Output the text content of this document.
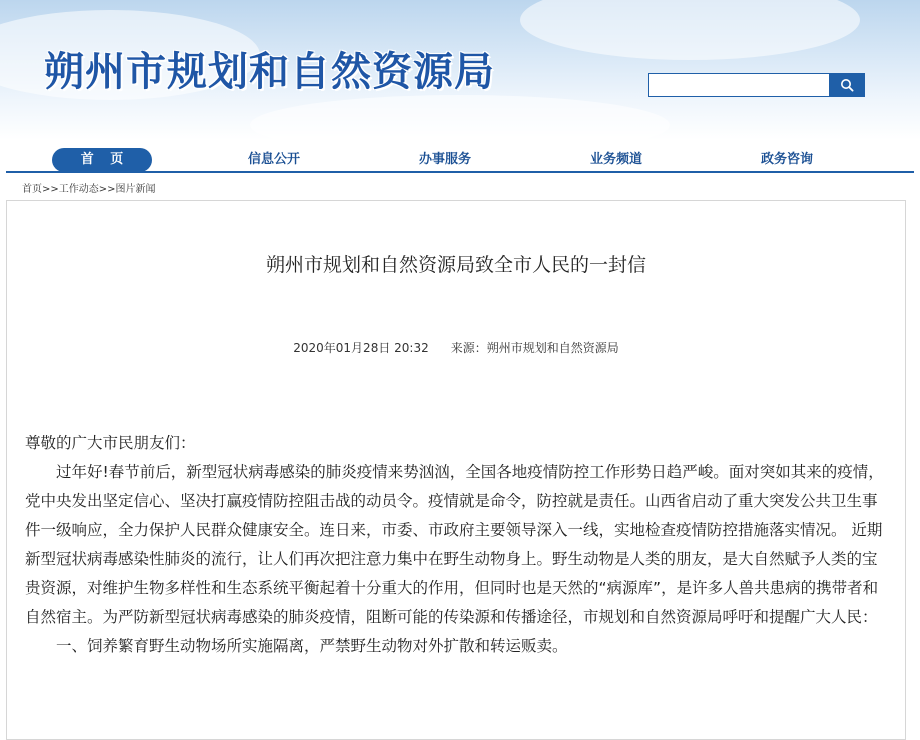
朔州市规划和自然资源局
首 页	信息公开	办事服务	业务频道	政务咨询
首页>>工作动态>>图片新闻
朔州市规划和自然资源局致全市人民的一封信
2020年01月28日 20:32 来源：朔州市规划和自然资源局

尊敬的广大市民朋友们：

过年好!春节前后，新型冠状病毒感染的肺炎疫情来势汹汹，全国各地疫情防控工作形势日趋严峻。面对突如其来的疫情，党中央发出坚定信心、坚决打赢疫情防控阻击战的动员令。疫情就是命令，防控就是责任。山西省启动了重大突发公共卫生事件一级响应，全力保护人民群众健康安全。连日来，市委、市政府主要领导深入一线，实地检查疫情防控措施落实情况。 近期新型冠状病毒感染性肺炎的流行，让人们再次把注意力集中在野生动物身上。野生动物是人类的朋友，是大自然赋予人类的宝贵资源，对维护生物多样性和生态系统平衡起着十分重大的作用，但同时也是天然的“病源库”，是许多人兽共患病的携带者和自然宿主。为严防新型冠状病毒感染的肺炎疫情，阻断可能的传染源和传播途径，市规划和自然资源局呼吁和提醒广大人民：

一、饲养繁育野生动物场所实施隔离，严禁野生动物对外扩散和转运贩卖。
